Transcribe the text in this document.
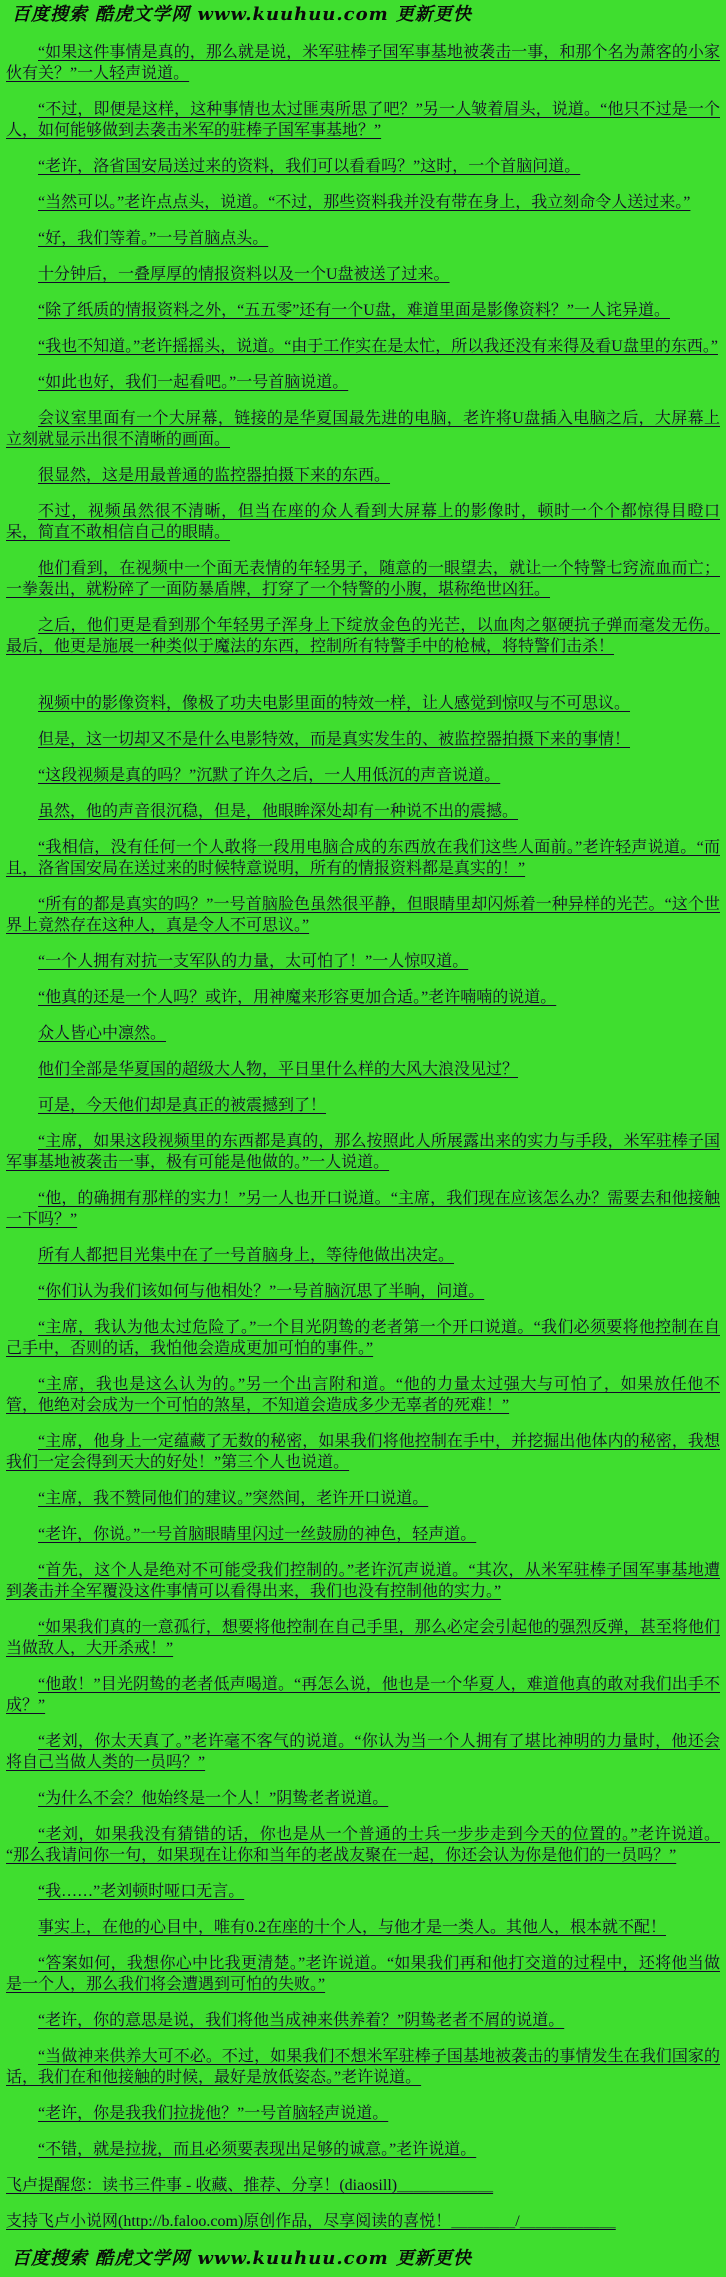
百度搜索 酷虎文学网 www.kuuhuu.com 更新更快

“如果这件事情是真的，那么就是说，米军驻棒子国军事基地被袭击一事，和那个名为萧客的小家伙有关？”一人轻声说道。

“不过，即便是这样，这种事情也太过匪夷所思了吧？”另一人皱着眉头，说道。“他只不过是一个人，如何能够做到去袭击米军的驻棒子国军事基地？”

“老许，洛省国安局送过来的资料，我们可以看看吗？”这时，一个首脑问道。

“当然可以。”老许点点头，说道。“不过，那些资料我并没有带在身上，我立刻命令人送过来。”

“好，我们等着。”一号首脑点头。

十分钟后，一叠厚厚的情报资料以及一个U盘被送了过来。

“除了纸质的情报资料之外，“五五零”还有一个U盘，难道里面是影像资料？”一人诧异道。

“我也不知道。”老许摇摇头，说道。“由于工作实在是太忙，所以我还没有来得及看U盘里的东西。”

“如此也好，我们一起看吧。”一号首脑说道。

会议室里面有一个大屏幕，链接的是华夏国最先进的电脑，老许将U盘插入电脑之后，大屏幕上立刻就显示出很不清晰的画面。

很显然，这是用最普通的监控器拍摄下来的东西。

不过，视频虽然很不清晰，但当在座的众人看到大屏幕上的影像时，顿时一个个都惊得目瞪口呆，简直不敢相信自己的眼睛。

他们看到，在视频中一个面无表情的年轻男子，随意的一眼望去，就让一个特警七窍流血而亡；一拳轰出，就粉碎了一面防暴盾牌，打穿了一个特警的小腹，堪称绝世凶狂。

之后，他们更是看到那个年轻男子浑身上下绽放金色的光芒，以血肉之躯硬抗子弹而毫发无伤。最后，他更是施展一种类似于魔法的东西，控制所有特警手中的枪械，将特警们击杀！

视频中的影像资料，像极了功夫电影里面的特效一样，让人感觉到惊叹与不可思议。

但是，这一切却又不是什么电影特效，而是真实发生的、被监控器拍摄下来的事情！

“这段视频是真的吗？”沉默了许久之后，一人用低沉的声音说道。

虽然，他的声音很沉稳，但是，他眼眸深处却有一种说不出的震撼。

“我相信，没有任何一个人敢将一段用电脑合成的东西放在我们这些人面前。”老许轻声说道。“而且，洛省国安局在送过来的时候特意说明，所有的情报资料都是真实的！”

“所有的都是真实的吗？”一号首脑脸色虽然很平静，但眼睛里却闪烁着一种异样的光芒。“这个世界上竟然存在这种人，真是令人不可思议。”

“一个人拥有对抗一支军队的力量，太可怕了！”一人惊叹道。

“他真的还是一个人吗？或许，用神魔来形容更加合适。”老许喃喃的说道。

众人皆心中凛然。

他们全部是华夏国的超级大人物，平日里什么样的大风大浪没见过？

可是，今天他们却是真正的被震撼到了！

“主席，如果这段视频里的东西都是真的，那么按照此人所展露出来的实力与手段，米军驻棒子国军事基地被袭击一事，极有可能是他做的。”一人说道。

“他，的确拥有那样的实力！”另一人也开口说道。“主席，我们现在应该怎么办？需要去和他接触一下吗？”

所有人都把目光集中在了一号首脑身上，等待他做出决定。

“你们认为我们该如何与他相处？”一号首脑沉思了半晌，问道。

“主席，我认为他太过危险了。”一个目光阴鸷的老者第一个开口说道。“我们必须要将他控制在自己手中，否则的话，我怕他会造成更加可怕的事件。”

“主席，我也是这么认为的。”另一个出言附和道。“他的力量太过强大与可怕了，如果放任他不管，他绝对会成为一个可怕的煞星，不知道会造成多少无辜者的死难！”

“主席，他身上一定蕴藏了无数的秘密，如果我们将他控制在手中，并挖掘出他体内的秘密，我想我们一定会得到天大的好处！”第三个人也说道。

“主席，我不赞同他们的建议。”突然间，老许开口说道。

“老许，你说。”一号首脑眼睛里闪过一丝鼓励的神色，轻声道。

“首先，这个人是绝对不可能受我们控制的。”老许沉声说道。“其次，从米军驻棒子国军事基地遭到袭击并全军覆没这件事情可以看得出来，我们也没有控制他的实力。”

“如果我们真的一意孤行，想要将他控制在自己手里，那么必定会引起他的强烈反弹，甚至将他们当做敌人，大开杀戒！”

“他敢！”目光阴鸷的老者低声喝道。“再怎么说，他也是一个华夏人，难道他真的敢对我们出手不成？”

“老刘，你太天真了。”老许毫不客气的说道。“你认为当一个人拥有了堪比神明的力量时，他还会将自己当做人类的一员吗？”

“为什么不会？他始终是一个人！”阴鸷老者说道。

“老刘，如果我没有猜错的话，你也是从一个普通的士兵一步步走到今天的位置的。”老许说道。“那么我请问你一句，如果现在让你和当年的老战友聚在一起，你还会认为你是他们的一员吗？”

“我……”老刘顿时哑口无言。

事实上，在他的心目中，唯有0.2在座的十个人，与他才是一类人。其他人，根本就不配！

“答案如何，我想你心中比我更清楚。”老许说道。“如果我们再和他打交道的过程中，还将他当做是一个人，那么我们将会遭遇到可怕的失败。”

“老许，你的意思是说，我们将他当成神来供养着？”阴鸷老者不屑的说道。

“当做神来供养大可不必。不过，如果我们不想米军驻棒子国基地被袭击的事情发生在我们国家的话，我们在和他接触的时候，最好是放低姿态。”老许说道。

“老许，你是我我们拉拢他？”一号首脑轻声说道。

“不错，就是拉拢，而且必须要表现出足够的诚意。”老许说道。

飞卢提醒您：读书三件事 - 收藏、推荐、分享！(diaosill)＿＿＿＿＿＿
支持飞卢小说网(http://b.faloo.com)原创作品，尽享阅读的喜悦！＿＿＿＿/＿＿＿＿＿＿
百度搜索 酷虎文学网 www.kuuhuu.com 更新更快
